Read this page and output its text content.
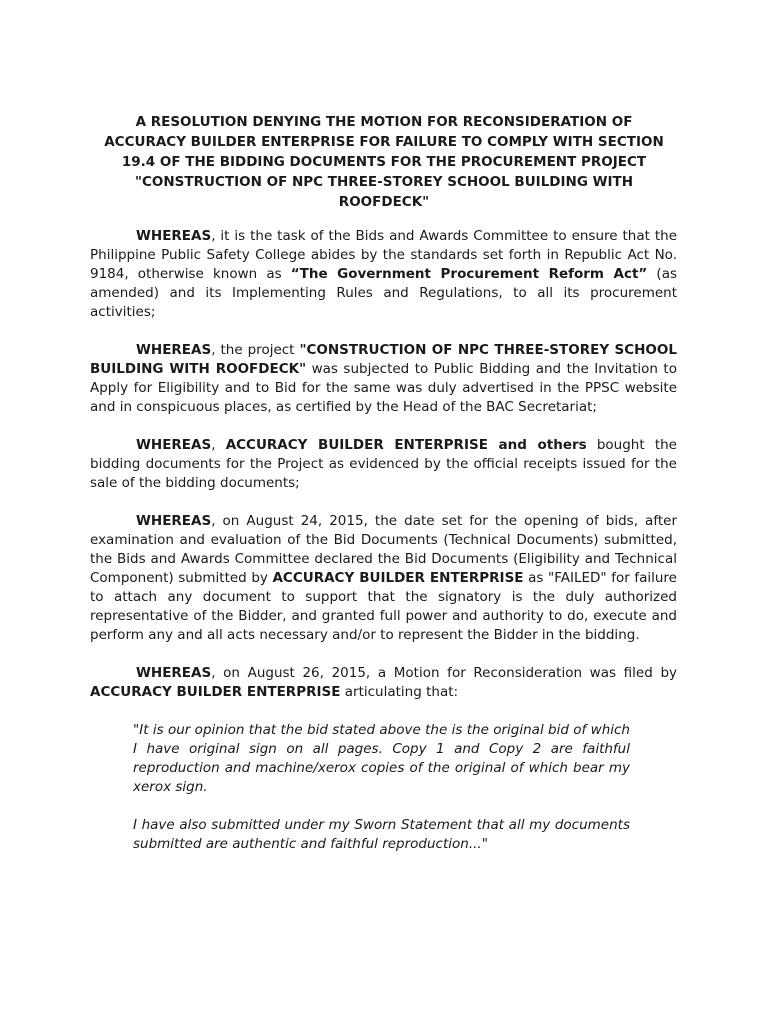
A RESOLUTION DENYING THE MOTION FOR RECONSIDERATION OF ACCURACY BUILDER ENTERPRISE FOR FAILURE TO COMPLY WITH SECTION 19.4 OF THE BIDDING DOCUMENTS FOR THE PROCUREMENT PROJECT "CONSTRUCTION OF NPC THREE-STOREY SCHOOL BUILDING WITH ROOFDECK"

WHEREAS, it is the task of the Bids and Awards Committee to ensure that the Philippine Public Safety College abides by the standards set forth in Republic Act No. 9184, otherwise known as “The Government Procurement Reform Act” (as amended) and its Implementing Rules and Regulations, to all its procurement activities;

WHEREAS, the project "CONSTRUCTION OF NPC THREE-STOREY SCHOOL BUILDING WITH ROOFDECK" was subjected to Public Bidding and the Invitation to Apply for Eligibility and to Bid for the same was duly advertised in the PPSC website and in conspicuous places, as certified by the Head of the BAC Secretariat;

WHEREAS, ACCURACY BUILDER ENTERPRISE and others bought the bidding documents for the Project as evidenced by the official receipts issued for the sale of the bidding documents;

WHEREAS, on August 24, 2015, the date set for the opening of bids, after examination and evaluation of the Bid Documents (Technical Documents) submitted, the Bids and Awards Committee declared the Bid Documents (Eligibility and Technical Component) submitted by ACCURACY BUILDER ENTERPRISE as "FAILED" for failure to attach any document to support that the signatory is the duly authorized representative of the Bidder, and granted full power and authority to do, execute and perform any and all acts necessary and/or to represent the Bidder in the bidding.

WHEREAS, on August 26, 2015, a Motion for Reconsideration was filed by ACCURACY BUILDER ENTERPRISE articulating that:

"It is our opinion that the bid stated above the is the original bid of which I have original sign on all pages. Copy 1 and Copy 2 are faithful reproduction and machine/xerox copies of the original of which bear my xerox sign.

I have also submitted under my Sworn Statement that all my documents submitted are authentic and faithful reproduction..."
